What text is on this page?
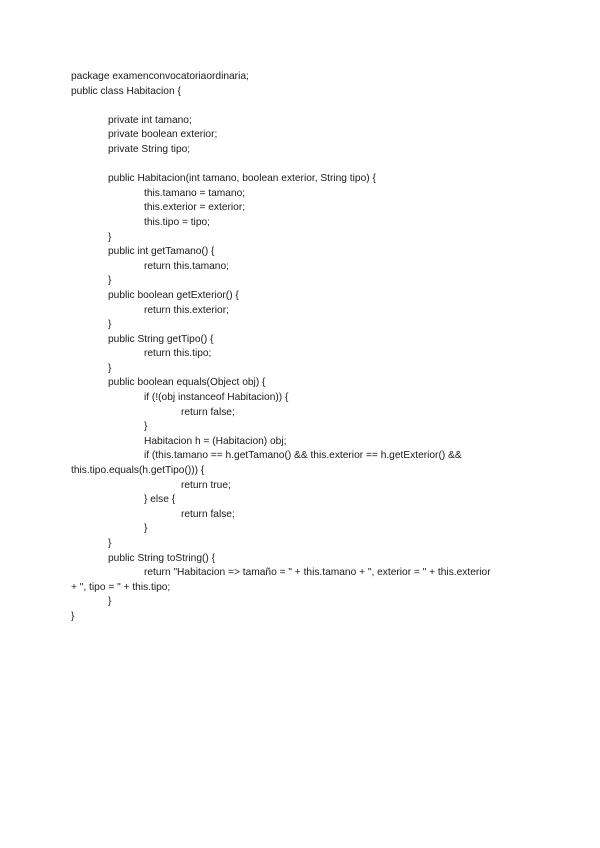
package examenconvocatoriaordinaria;
public class Habitacion {
private int tamano;
private boolean exterior;
private String tipo;
public Habitacion(int tamano, boolean exterior, String tipo) {
this.tamano = tamano;
this.exterior = exterior;
this.tipo = tipo;
}
public int getTamano() {
return this.tamano;
}
public boolean getExterior() {
return this.exterior;
}
public String getTipo() {
return this.tipo;
}
public boolean equals(Object obj) {
if (!(obj instanceof Habitacion)) {
return false;
}
Habitacion h = (Habitacion) obj;
if (this.tamano == h.getTamano() && this.exterior == h.getExterior() &&
this.tipo.equals(h.getTipo())) {
return true;
} else {
return false;
}
}
public String toString() {
return "Habitacion => tamaño = " + this.tamano + ", exterior = " + this.exterior
+ ", tipo = " + this.tipo;
}
}
